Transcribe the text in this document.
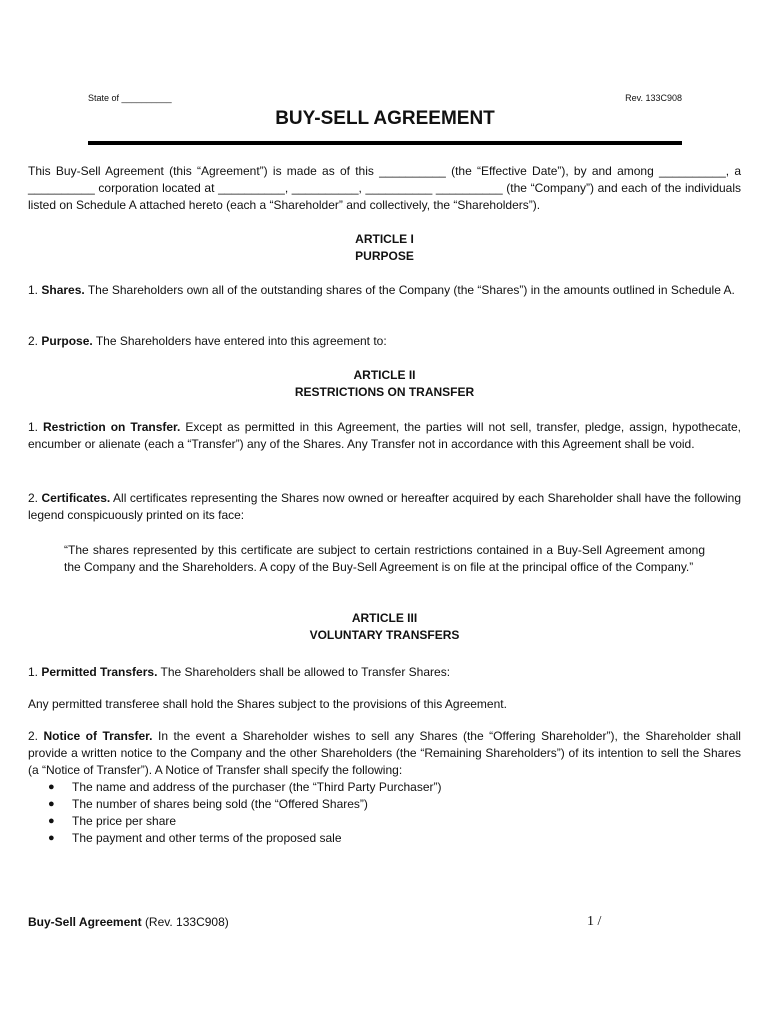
State of __________	Rev. 133C908
BUY-SELL AGREEMENT
This Buy-Sell Agreement (this “Agreement”) is made as of this __________ (the “Effective Date”), by and among __________, a __________ corporation located at __________, __________, __________ __________ (the “Company”) and each of the individuals listed on Schedule A attached hereto (each a “Shareholder” and collectively, the “Shareholders”).
ARTICLE I
PURPOSE
1. Shares. The Shareholders own all of the outstanding shares of the Company (the “Shares”) in the amounts outlined in Schedule A.
2. Purpose. The Shareholders have entered into this agreement to:
ARTICLE II
RESTRICTIONS ON TRANSFER
1. Restriction on Transfer. Except as permitted in this Agreement, the parties will not sell, transfer, pledge, assign, hypothecate, encumber or alienate (each a “Transfer”) any of the Shares. Any Transfer not in accordance with this Agreement shall be void.
2. Certificates. All certificates representing the Shares now owned or hereafter acquired by each Shareholder shall have the following legend conspicuously printed on its face:
“The shares represented by this certificate are subject to certain restrictions contained in a Buy-Sell Agreement among the Company and the Shareholders. A copy of the Buy-Sell Agreement is on file at the principal office of the Company.”
ARTICLE III
VOLUNTARY TRANSFERS
1. Permitted Transfers. The Shareholders shall be allowed to Transfer Shares:
Any permitted transferee shall hold the Shares subject to the provisions of this Agreement.
2. Notice of Transfer. In the event a Shareholder wishes to sell any Shares (the “Offering Shareholder”), the Shareholder shall provide a written notice to the Company and the other Shareholders (the “Remaining Shareholders”) of its intention to sell the Shares (a “Notice of Transfer”). A Notice of Transfer shall specify the following:
● The name and address of the purchaser (the “Third Party Purchaser”)
● The number of shares being sold (the “Offered Shares”)
● The price per share
● The payment and other terms of the proposed sale
Buy-Sell Agreement (Rev. 133C908)	1 /
